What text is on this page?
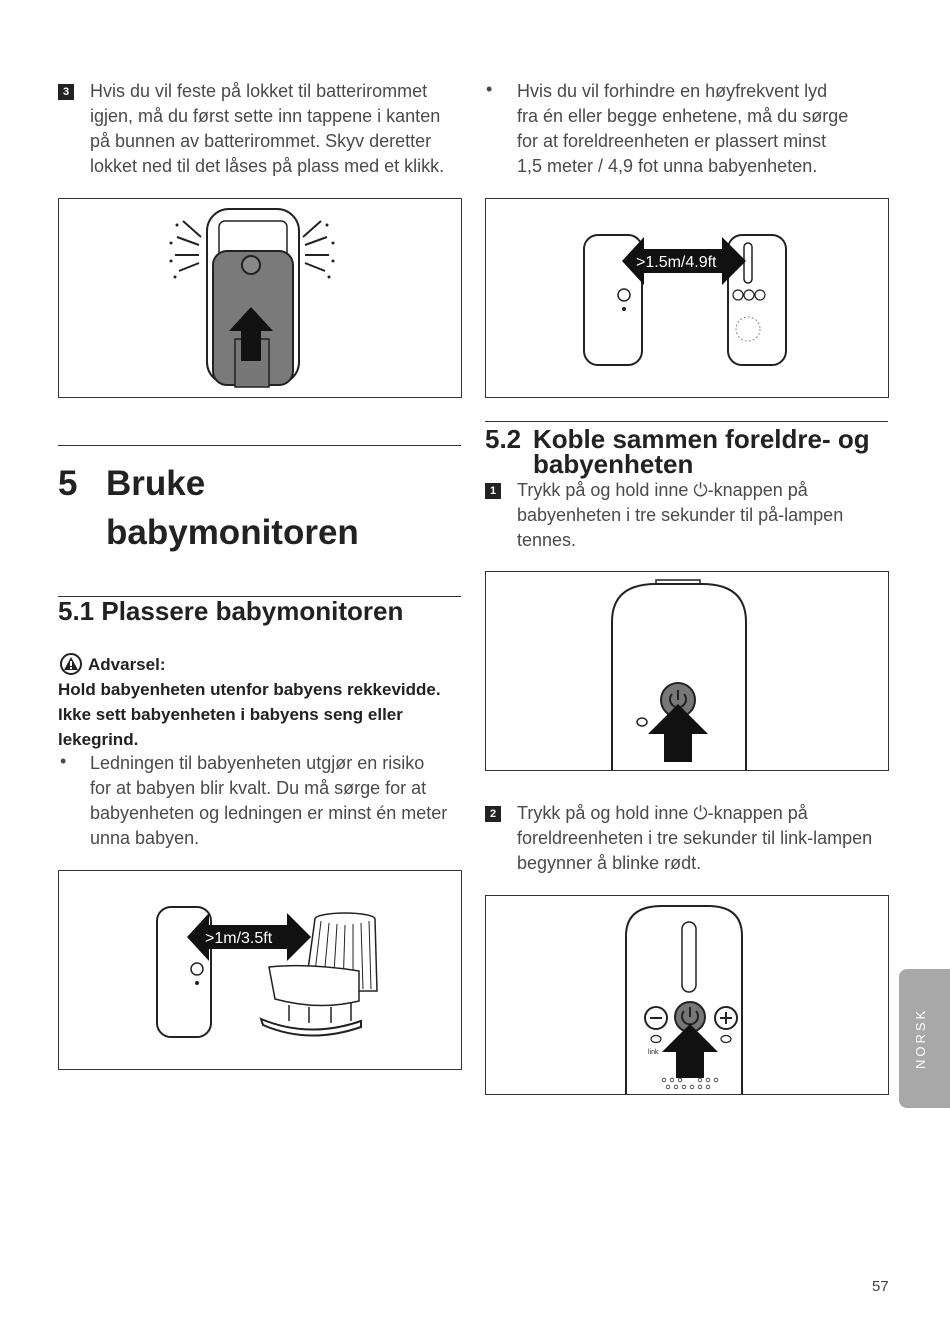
3 Hvis du vil feste på lokket til batterirommet
igjen, må du først sette inn tappene i kanten
på bunnen av batterirommet. Skyv deretter
lokket ned til det låses på plass med et klikk.
5 Bruke
babymonitoren
5.1 Plassere babymonitoren
Advarsel:
Hold babyenheten utenfor babyens rekkevidde.
Ikke sett babyenheten i babyens seng eller
lekegrind.
• Ledningen til babyenheten utgjør en risiko
for at babyen blir kvalt. Du må sørge for at
babyenheten og ledningen er minst én meter
unna babyen.
>1m/3.5ft
• Hvis du vil forhindre en høyfrekvent lyd
fra én eller begge enhetene, må du sørge
for at foreldreenheten er plassert minst
1,5 meter / 4,9 fot unna babyenheten.
>1.5m/4.9ft
5.2 Koble sammen foreldre- og
babyenheten
1 Trykk på og hold inne ⏻-knappen på
babyenheten i tre sekunder til på-lampen
tennes.
2 Trykk på og hold inne ⏻-knappen på
foreldreenheten i tre sekunder til link-lampen
begynner å blinke rødt.
link	NORSK
57
